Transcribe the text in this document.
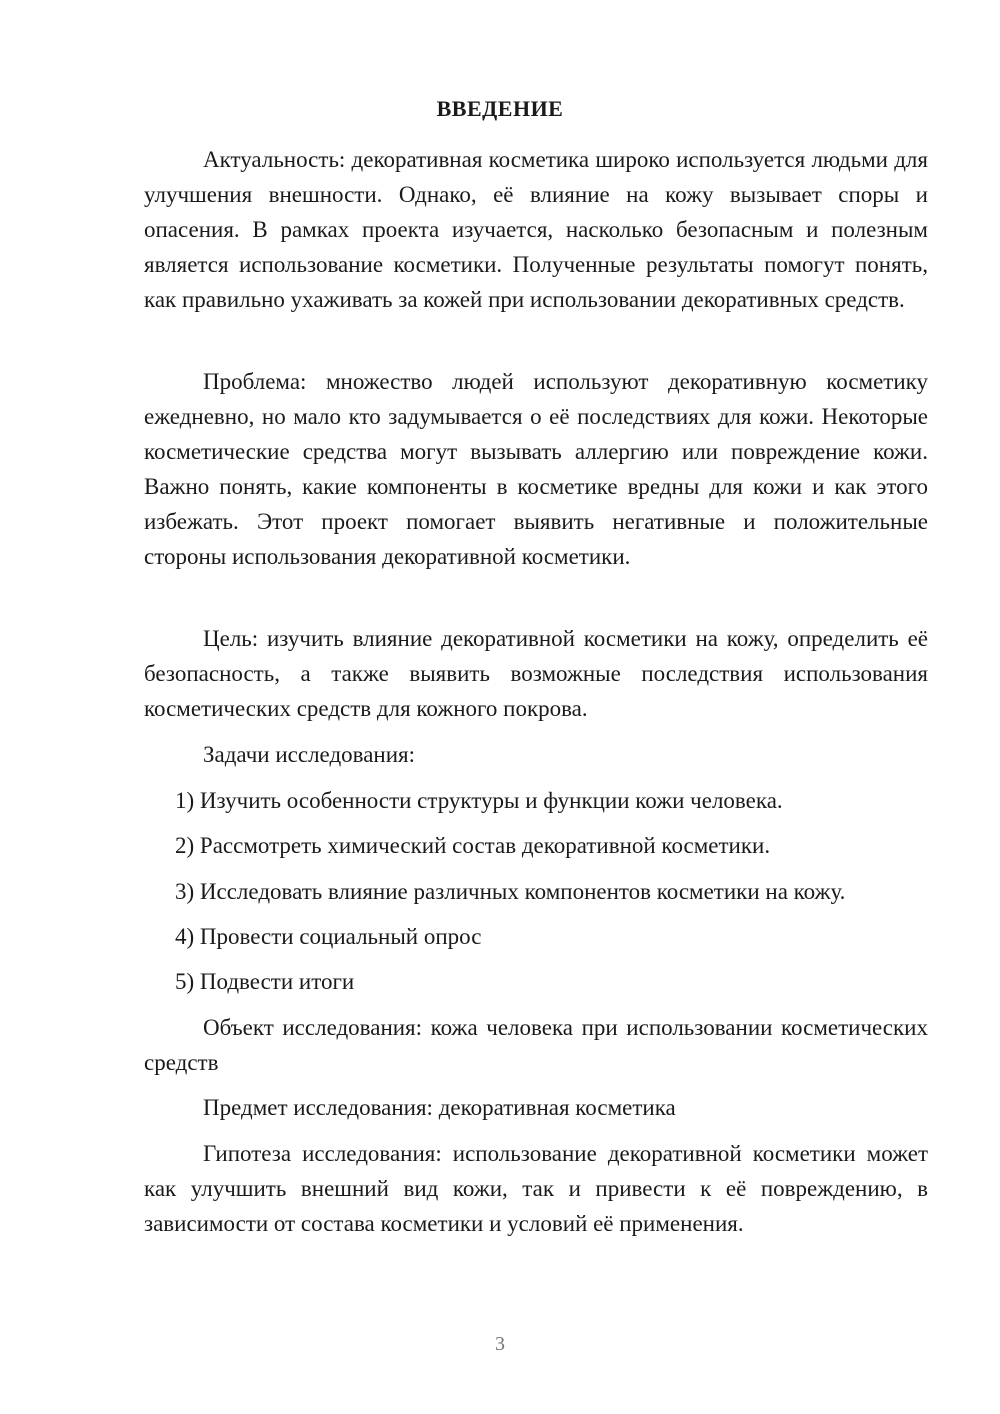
ВВЕДЕНИЕ

Актуальность: декоративная косметика широко используется людьми для улучшения внешности. Однако, её влияние на кожу вызывает споры и опасения. В рамках проекта изучается, насколько безопасным и полезным является использование косметики. Полученные результаты помогут понять, как правильно ухаживать за кожей при использовании декоративных средств.

Проблема: множество людей используют декоративную косметику ежедневно, но мало кто задумывается о её последствиях для кожи. Некоторые косметические средства могут вызывать аллергию или повреждение кожи. Важно понять, какие компоненты в косметике вредны для кожи и как этого избежать. Этот проект помогает выявить негативные и положительные стороны использования декоративной косметики.

Цель: изучить влияние декоративной косметики на кожу, определить её безопасность, а также выявить возможные последствия использования косметических средств для кожного покрова.

Задачи исследования:

1) Изучить особенности структуры и функции кожи человека.

2) Рассмотреть химический состав декоративной косметики.

3) Исследовать влияние различных компонентов косметики на кожу.

4) Провести социальный опрос

5) Подвести итоги

Объект исследования: кожа человека при использовании косметических средств

Предмет исследования: декоративная косметика

Гипотеза исследования: использование декоративной косметики может как улучшить внешний вид кожи, так и привести к её повреждению, в зависимости от состава косметики и условий её применения.

3
